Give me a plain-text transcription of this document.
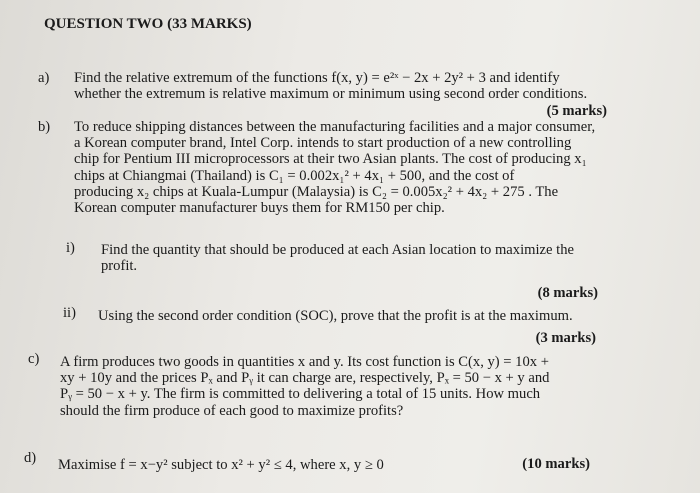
QUESTION TWO (33 MARKS)
a) Find the relative extremum of the functions f(x, y) = e²ˣ − 2x + 2y² + 3 and identify
whether the extremum is relative maximum or minimum using second order conditions.
(5 marks)
b) To reduce shipping distances between the manufacturing facilities and a major consumer,
a Korean computer brand, Intel Corp. intends to start production of a new controlling
chip for Pentium III microprocessors at their two Asian plants. The cost of producing x₁
chips at Chiangmai (Thailand) is C₁ = 0.002x₁² + 4x₁ + 500, and the cost of
producing x₂ chips at Kuala-Lumpur (Malaysia) is C₂ = 0.005x₂² + 4x₂ + 275 . The
Korean computer manufacturer buys them for RM150 per chip.
i) Find the quantity that should be produced at each Asian location to maximize the
profit.
(8 marks)
ii) Using the second order condition (SOC), prove that the profit is at the maximum.
(3 marks)
c) A firm produces two goods in quantities x and y. Its cost function is C(x, y) = 10x +
xy + 10y and the prices Pₓ and Pᵧ it can charge are, respectively, Pₓ = 50 − x + y and
Pᵧ = 50 − x + y. The firm is committed to delivering a total of 15 units. How much
should the firm produce of each good to maximize profits?
d) Maximise f = x−y² subject to x² + y² ≤ 4, where x, y ≥ 0	(10 marks)
